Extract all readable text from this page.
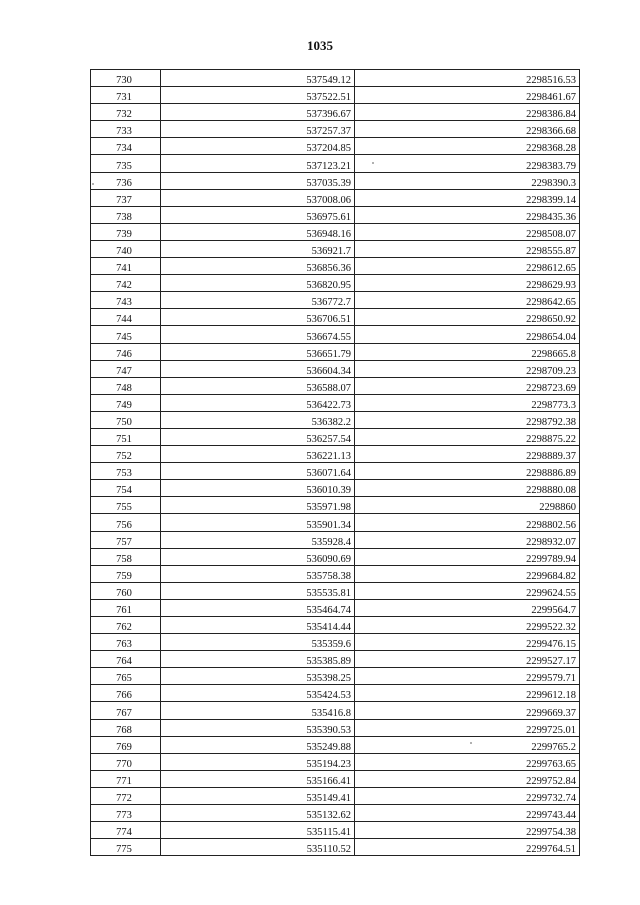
1035
730	537549.12	2298516.53
731	537522.51	2298461.67
732	537396.67	2298386.84
733	537257.37	2298366.68
734	537204.85	2298368.28
735	537123.21	2298383.79
736	537035.39	2298390.3
737	537008.06	2298399.14
738	536975.61	2298435.36
739	536948.16	2298508.07
740	536921.7	2298555.87
741	536856.36	2298612.65
742	536820.95	2298629.93
743	536772.7	2298642.65
744	536706.51	2298650.92
745	536674.55	2298654.04
746	536651.79	2298665.8
747	536604.34	2298709.23
748	536588.07	2298723.69
749	536422.73	2298773.3
750	536382.2	2298792.38
751	536257.54	2298875.22
752	536221.13	2298889.37
753	536071.64	2298886.89
754	536010.39	2298880.08
755	535971.98	2298860
756	535901.34	2298802.56
757	535928.4	2298932.07
758	536090.69	2299789.94
759	535758.38	2299684.82
760	535535.81	2299624.55
761	535464.74	2299564.7
762	535414.44	2299522.32
763	535359.6	2299476.15
764	535385.89	2299527.17
765	535398.25	2299579.71
766	535424.53	2299612.18
767	535416.8	2299669.37
768	535390.53	2299725.01
769	535249.88	2299765.2
770	535194.23	2299763.65
771	535166.41	2299752.84
772	535149.41	2299732.74
773	535132.62	2299743.44
774	535115.41	2299754.38
775	535110.52	2299764.51
